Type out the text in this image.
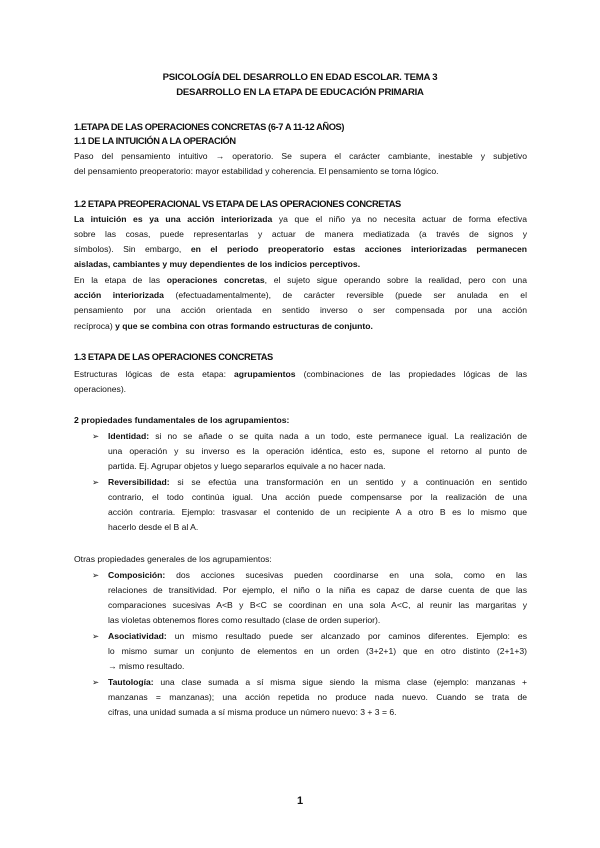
PSICOLOGÍA DEL DESARROLLO EN EDAD ESCOLAR. TEMA 3
DESARROLLO EN LA ETAPA DE EDUCACIÓN PRIMARIA
1.ETAPA DE LAS OPERACIONES CONCRETAS (6-7 A 11-12 AÑOS)
1.1 DE LA INTUICIÓN A LA OPERACIÓN
Paso del pensamiento intuitivo → operatorio. Se supera el carácter cambiante, inestable y subjetivo
del pensamiento preoperatorio: mayor estabilidad y coherencia. El pensamiento se torna lógico.
1.2 ETAPA PREOPERACIONAL VS ETAPA DE LAS OPERACIONES CONCRETAS
La intuición es ya una acción interiorizada ya que el niño ya no necesita actuar de forma efectiva
sobre las cosas, puede representarlas y actuar de manera mediatizada (a través de signos y
símbolos). Sin embargo, en el periodo preoperatorio estas acciones interiorizadas permanecen
aisladas, cambiantes y muy dependientes de los indicios perceptivos.
En la etapa de las operaciones concretas, el sujeto sigue operando sobre la realidad, pero con una
acción interiorizada (efectuadamentalmente), de carácter reversible (puede ser anulada en el
pensamiento por una acción orientada en sentido inverso o ser compensada por una acción
recíproca) y que se combina con otras formando estructuras de conjunto.
1.3 ETAPA DE LAS OPERACIONES CONCRETAS
Estructuras lógicas de esta etapa: agrupamientos (combinaciones de las propiedades lógicas de las
operaciones).
2 propiedades fundamentales de los agrupamientos:
➢ Identidad: si no se añade o se quita nada a un todo, este permanece igual. La realización de
una operación y su inverso es la operación idéntica, esto es, supone el retorno al punto de
partida. Ej. Agrupar objetos y luego separarlos equivale a no hacer nada.
➢ Reversibilidad: si se efectúa una transformación en un sentido y a continuación en sentido
contrario, el todo continúa igual. Una acción puede compensarse por la realización de una
acción contraria. Ejemplo: trasvasar el contenido de un recipiente A a otro B es lo mismo que
hacerlo desde el B al A.
Otras propiedades generales de los agrupamientos:
➢ Composición: dos acciones sucesivas pueden coordinarse en una sola, como en las
relaciones de transitividad. Por ejemplo, el niño o la niña es capaz de darse cuenta de que las
comparaciones sucesivas A<B y B<C se coordinan en una sola A<C, al reunir las margaritas y
las violetas obtenemos flores como resultado (clase de orden superior).
➢ Asociatividad: un mismo resultado puede ser alcanzado por caminos diferentes. Ejemplo: es
lo mismo sumar un conjunto de elementos en un orden (3+2+1) que en otro distinto (2+1+3)
→ mismo resultado.
➢ Tautología: una clase sumada a sí misma sigue siendo la misma clase (ejemplo: manzanas +
manzanas = manzanas); una acción repetida no produce nada nuevo. Cuando se trata de
cifras, una unidad sumada a sí misma produce un número nuevo: 3 + 3 = 6.
1
